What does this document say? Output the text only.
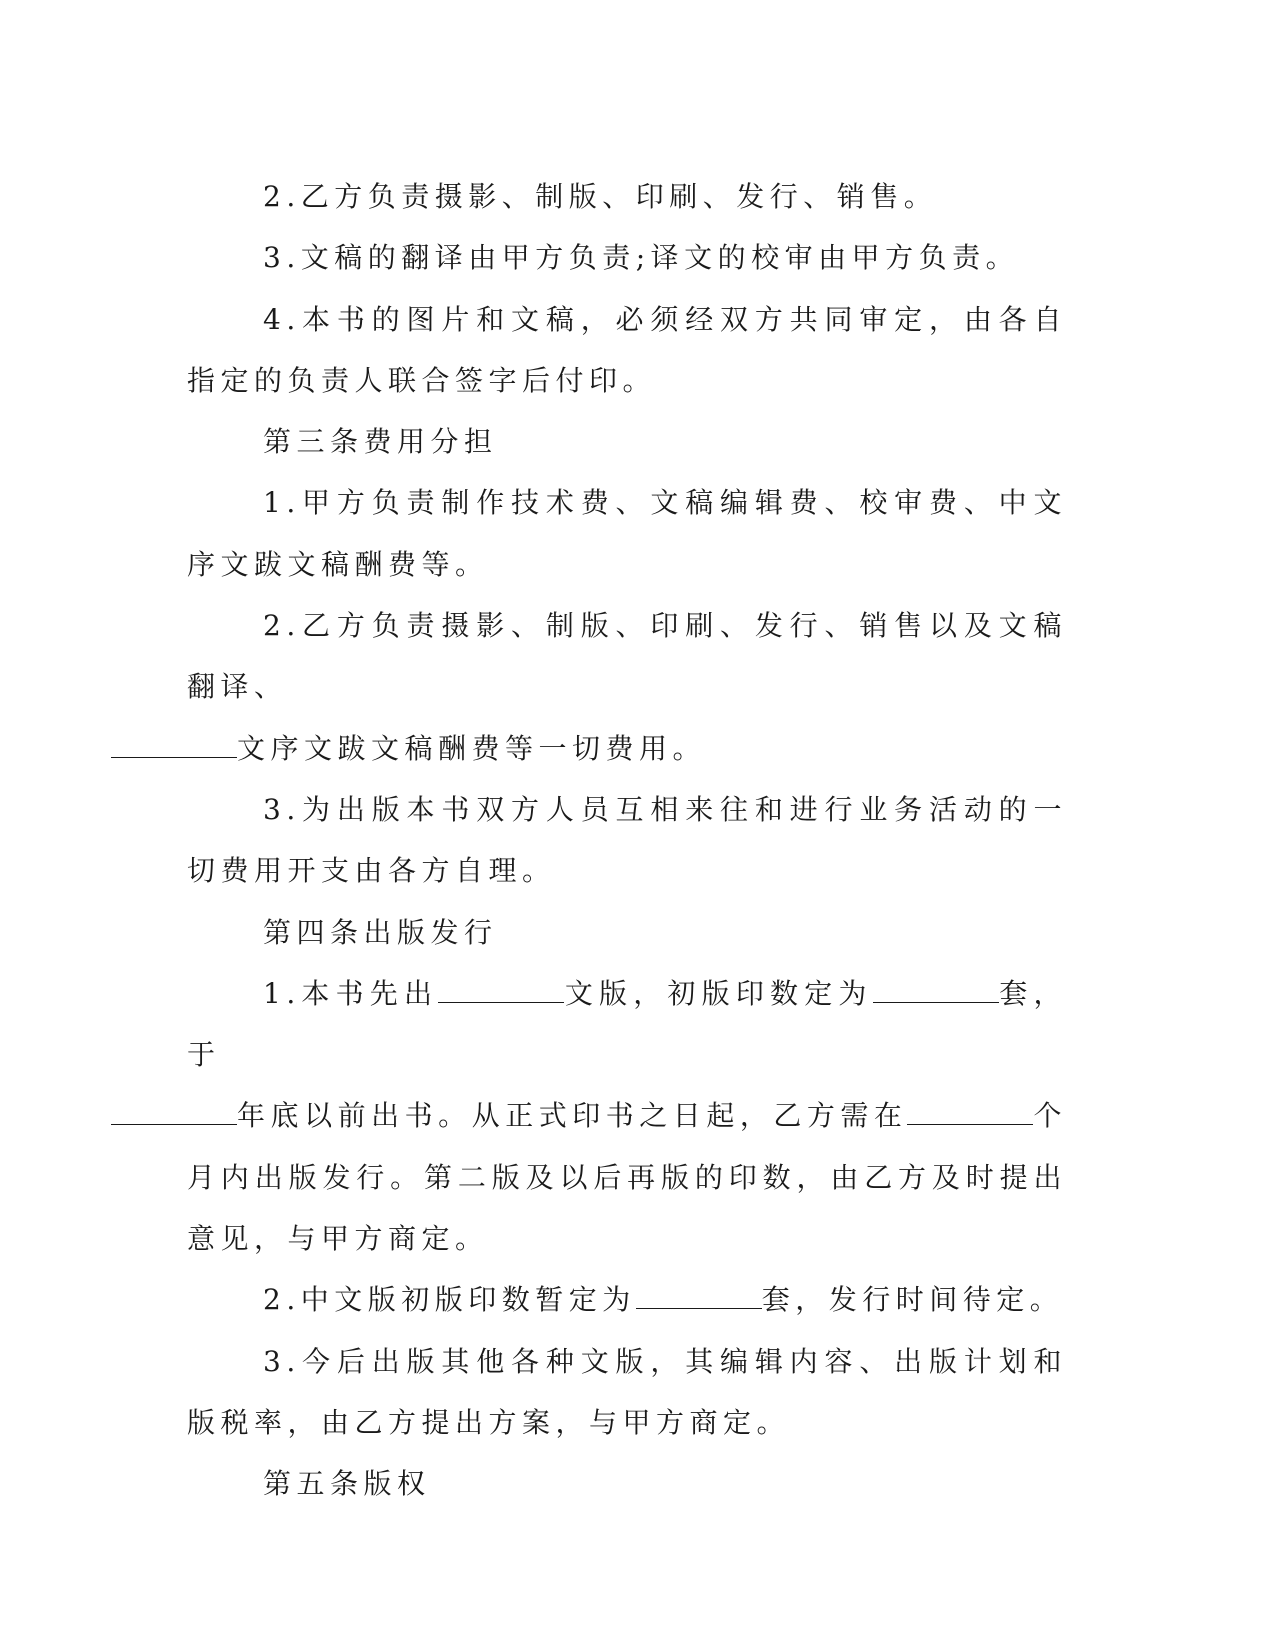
2.乙方负责摄影、制版、印刷、发行、销售。

3.文稿的翻译由甲方负责;译文的校审由甲方负责。

4.本书的图片和文稿，必须经双方共同审定，由各自指定的负责人联合签字后付印。

第三条费用分担

1.甲方负责制作技术费、文稿编辑费、校审费、中文序文跋文稿酬费等。

2.乙方负责摄影、制版、印刷、发行、销售以及文稿翻译、
文序文跋文稿酬费等一切费用。

3.为出版本书双方人员互相来往和进行业务活动的一切费用开支由各方自理。

第四条出版发行

1.本书先出	文版，初版印数定为	套，于
年底以前出书。从正式印书之日起，乙方需在	个月内出版发行。第二版及以后再版的印数，由乙方及时提出意见，与甲方商定。

2.中文版初版印数暂定为	套，发行时间待定。

3.今后出版其他各种文版，其编辑内容、出版计划和版税率，由乙方提出方案，与甲方商定。

第五条版权
